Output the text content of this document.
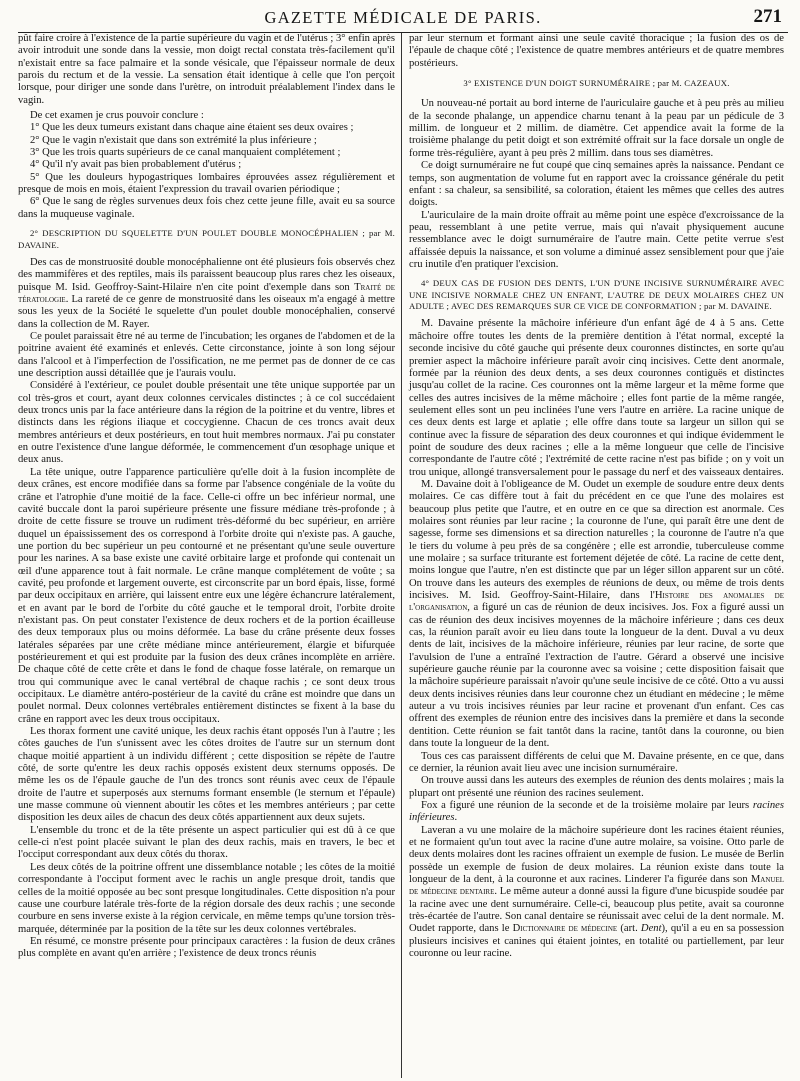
GAZETTE MÉDICALE DE PARIS.	271

pût faire croire à l'existence de la partie supérieure du vagin et de l'utérus ; 3° enfin après avoir introduit une sonde dans la vessie, mon doigt rectal constata très-facilement qu'il n'existait entre sa face palmaire et la sonde vésicale, que l'épaisseur normale de deux parois du rectum et de la vessie. La sensation était identique à celle que l'on perçoit lorsque, pour diriger une sonde dans l'urètre, on introduit préalablement l'index dans le vagin.

De cet examen je crus pouvoir conclure :

1° Que les deux tumeurs existant dans chaque aine étaient ses deux ovaires ;

2° Que le vagin n'existait que dans son extrémité la plus inférieure ;

3° Que les trois quarts supérieurs de ce canal manquaient complétement ;

4° Qu'il n'y avait pas bien probablement d'utérus ;

5° Que les douleurs hypogastriques lombaires éprouvées assez régulièrement et presque de mois en mois, étaient l'expression du travail ovarien périodique ;

6° Que le sang de règles survenues deux fois chez cette jeune fille, avait eu sa source dans la muqueuse vaginale.

2° DESCRIPTION DU SQUELETTE D'UN POULET DOUBLE MONOCÉPHALIEN ; par M. DAVAINE.

Des cas de monstruosité double monocéphalienne ont été plusieurs fois observés chez des mammifères et des reptiles, mais ils paraissent beaucoup plus rares chez les oiseaux, puisque M. Isid. Geoffroy-Saint-Hilaire n'en cite point d'exemple dans son Traité de tératologie. La rareté de ce genre de monstruosité dans les oiseaux m'a engagé à mettre sous les yeux de la Société le squelette d'un poulet double monocéphalien, conservé dans la collection de M. Rayer.

Ce poulet paraissait être né au terme de l'incubation; les organes de l'abdomen et de la poitrine avaient été examinés et enlevés. Cette circonstance, jointe à son long séjour dans l'alcool et à l'imperfection de l'ossification, ne me permet pas de donner de ce cas une description aussi détaillée que je l'aurais voulu.

Considéré à l'extérieur, ce poulet double présentait une tête unique supportée par un col très-gros et court, ayant deux colonnes cervicales distinctes ; à ce col succédaient deux troncs unis par la face antérieure dans la région de la poitrine et du ventre, libres et distincts dans les régions iliaque et coccygienne. Chacun de ces troncs avait deux membres antérieurs et deux postérieurs, en tout huit membres normaux. J'ai pu constater en outre l'existence d'une langue déformée, le commencement d'un œsophage unique et deux anus.

La tête unique, outre l'apparence particulière qu'elle doit à la fusion incomplète de deux crânes, est encore modifiée dans sa forme par l'absence congéniale de la voûte du crâne et l'atrophie d'une moitié de la face. Celle-ci offre un bec inférieur normal, une cavité buccale dont la paroi supérieure présente une fissure médiane très-profonde ; à droite de cette fissure se trouve un rudiment très-déformé du bec supérieur, en arrière duquel un épaississement des os correspond à l'orbite droite qui n'existe pas. A gauche, une portion du bec supérieur un peu contourné et ne présentant qu'une seule ouverture pour les narines. A sa base existe une cavité orbitaire large et profonde qui contenait un œil d'une apparence tout à fait normale. Le crâne manque complétement de voûte ; sa cavité, peu profonde et largement ouverte, est circonscrite par un bord épais, lisse, formé par deux occipitaux en arrière, qui laissent entre eux une légère échancrure latéralement, et en avant par le bord de l'orbite du côté gauche et le temporal droit, l'orbite droite n'existant pas. On peut constater l'existence de deux rochers et de la portion écailleuse des deux temporaux plus ou moins déformée. La base du crâne présente deux fosses latérales séparées par une crête médiane mince antérieurement, élargie et bifurquée postérieurement et qui est produite par la fusion des deux crânes incomplète en arrière. De chaque côté de cette crête et dans le fond de chaque fosse latérale, on remarque un trou qui communique avec le canal vertébral de chaque rachis ; ce sont deux trous occipitaux. Le diamètre antéro-postérieur de la cavité du crâne est moindre que dans un poulet normal. Deux colonnes vertébrales entièrement distinctes se fixent à la base du crâne en rapport avec les deux trous occipitaux.

Les thorax forment une cavité unique, les deux rachis étant opposés l'un à l'autre ; les côtes gauches de l'un s'unissent avec les côtes droites de l'autre sur un sternum dont chaque moitié appartient à un individu différent ; cette disposition se répète de l'autre côté, de sorte qu'entre les deux rachis opposés existent deux sternums opposés. De même les os de l'épaule gauche de l'un des troncs sont réunis avec ceux de l'épaule droite de l'autre et superposés aux sternums formant ensemble (le sternum et l'épaule) une masse commune où viennent aboutir les côtes et les membres antérieurs ; par cette disposition les deux ailes de chacun des deux côtés appartiennent aux deux sujets.

L'ensemble du tronc et de la tête présente un aspect particulier qui est dû à ce que celle-ci n'est point placée suivant le plan des deux rachis, mais en travers, le bec et l'occiput correspondant aux deux côtés du thorax.

Les deux côtés de la poitrine offrent une dissemblance notable ; les côtes de la moitié correspondante à l'occiput forment avec le rachis un angle presque droit, tandis que celles de la moitié opposée au bec sont presque longitudinales. Cette disposition n'a pour cause une courbure latérale très-forte de la région dorsale des deux rachis ; une seconde courbure en sens inverse existe à la région cervicale, en même temps qu'une torsion très-marquée, déterminée par la position de la tête sur les deux colonnes vertébrales.

En résumé, ce monstre présente pour principaux caractères : la fusion de deux crânes plus complète en avant qu'en arrière ; l'existence de deux troncs réunis

par leur sternum et formant ainsi une seule cavité thoracique ; la fusion des os de l'épaule de chaque côté ; l'existence de quatre membres antérieurs et de quatre membres postérieurs.

3° EXISTENCE D'UN DOIGT SURNUMÉRAIRE ; par M. CAZEAUX.

Un nouveau-né portait au bord interne de l'auriculaire gauche et à peu près au milieu de la seconde phalange, un appendice charnu tenant à la peau par un pédicule de 3 millim. de longueur et 2 millim. de diamètre. Cet appendice avait la forme de la troisième phalange du petit doigt et son extrémité offrait sur la face dorsale un ongle de forme très-régulière, ayant à peu près 2 millim. dans tous ses diamètres.

Ce doigt surnuméraire ne fut coupé que cinq semaines après la naissance. Pendant ce temps, son augmentation de volume fut en rapport avec la croissance générale du petit enfant : sa chaleur, sa sensibilité, sa coloration, étaient les mêmes que celles des autres doigts.

L'auriculaire de la main droite offrait au même point une espèce d'excroissance de la peau, ressemblant à une petite verrue, mais qui n'avait physiquement aucune ressemblance avec le doigt surnuméraire de l'autre main. Cette petite verrue s'est affaissée depuis la naissance, et son volume a diminué assez sensiblement pour que j'aie cru inutile d'en pratiquer l'excision.

4° DEUX CAS DE FUSION DES DENTS, L'UN D'UNE INCISIVE SURNUMÉRAIRE AVEC UNE INCISIVE NORMALE CHEZ UN ENFANT, L'AUTRE DE DEUX MOLAIRES CHEZ UN ADULTE ; AVEC DES REMARQUES SUR CE VICE DE CONFORMATION ; par M. DAVAINE.

M. Davaine présente la mâchoire inférieure d'un enfant âgé de 4 à 5 ans. Cette mâchoire offre toutes les dents de la première dentition à l'état normal, excepté la seconde incisive du côté gauche qui présente deux couronnes distinctes, en sorte qu'au premier aspect la mâchoire inférieure paraît avoir cinq incisives. Cette dent anormale, formée par la réunion des deux dents, a ses deux couronnes contiguës et distinctes jusqu'au collet de la racine. Ces couronnes ont la même largeur et la même forme que celles des autres incisives de la même mâchoire ; elles font partie de la même rangée, seulement elles sont un peu inclinées l'une vers l'autre en arrière. La racine unique de ces deux dents est large et aplatie ; elle offre dans toute sa largeur un sillon qui se continue avec la fissure de séparation des deux couronnes et qui indique évidemment le point de soudure des deux racines ; elle a la même longueur que celle de l'incisive correspondante de l'autre côté ; l'extrémité de cette racine n'est pas bifide ; on y voit un trou unique, allongé transversalement pour le passage du nerf et des vaisseaux dentaires.

M. Davaine doit à l'obligeance de M. Oudet un exemple de soudure entre deux dents molaires. Ce cas diffère tout à fait du précédent en ce que l'une des molaires est beaucoup plus petite que l'autre, et en outre en ce que sa direction est anormale. Ces molaires sont réunies par leur racine ; la couronne de l'une, qui paraît être une dent de sagesse, forme ses dimensions et sa direction naturelles ; la couronne de l'autre n'a que le tiers du volume à peu près de sa congénère ; elle est arrondie, tuberculeuse comme une molaire ; sa surface triturante est fortement déjetée de côté. La racine de cette dent, moins longue que l'autre, n'en est distincte que par un léger sillon apparent sur un côté. On trouve dans les auteurs des exemples de réunions de deux, ou même de trois dents incisives. M. Isid. Geoffroy-Saint-Hilaire, dans l'Histoire des anomalies de l'organisation, a figuré un cas de réunion de deux incisives. Jos. Fox a figuré aussi un cas de réunion des deux incisives moyennes de la mâchoire inférieure ; dans ces deux cas, la réunion paraît avoir eu lieu dans toute la longueur de la dent. Duval a vu deux dents de lait, incisives de la mâchoire inférieure, réunies par leur racine, de sorte que l'avulsion de l'une a entraîné l'extraction de l'autre. Gérard a observé une incisive supérieure gauche réunie par la couronne avec sa voisine ; cette disposition faisait que la mâchoire supérieure paraissait n'avoir qu'une seule incisive de ce côté. Otto a vu aussi deux dents incisives réunies dans leur couronne chez un étudiant en médecine ; le même auteur a vu trois incisives réunies par leur racine et provenant d'un enfant. Ces cas offrent des exemples de réunion entre des incisives dans la première et dans la seconde dentition. Cette réunion se fait tantôt dans la racine, tantôt dans la couronne, ou bien dans toute la longueur de la dent.

Tous ces cas paraissent différents de celui que M. Davaine présente, en ce que, dans ce dernier, la réunion avait lieu avec une incision surnuméraire.

On trouve aussi dans les auteurs des exemples de réunion des dents molaires ; mais la plupart ont présenté une réunion des racines seulement.

Fox a figuré une réunion de la seconde et de la troisième molaire par leurs racines inférieures.

Laveran a vu une molaire de la mâchoire supérieure dont les racines étaient réunies, et ne formaient qu'un tout avec la racine d'une autre molaire, sa voisine. Otto parle de deux dents molaires dont les racines offraient un exemple de fusion. Le musée de Berlin possède un exemple de fusion de deux molaires. La réunion existe dans toute la longueur de la dent, à la couronne et aux racines. Linderer l'a figurée dans son Manuel de médecine dentaire. Le même auteur a donné aussi la figure d'une bicuspide soudée par la racine avec une dent surnuméraire. Celle-ci, beaucoup plus petite, avait sa couronne très-écartée de l'autre. Son canal dentaire se réunissait avec celui de la dent normale. M. Oudet rapporte, dans le Dictionnaire de médecine (art. Dent), qu'il a eu en sa possession plusieurs incisives et canines qui étaient jointes, en totalité ou partiellement, par leur couronne ou leur racine.
